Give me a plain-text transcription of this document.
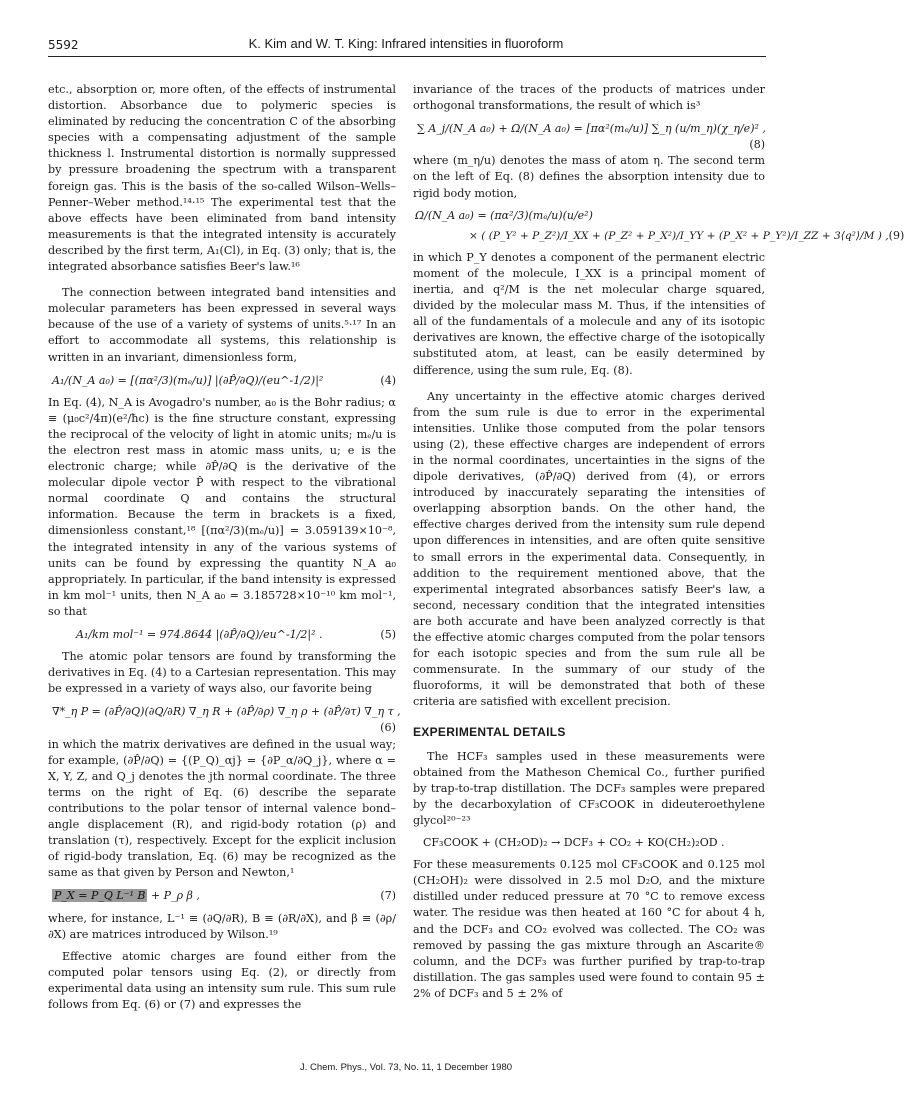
5592	K. Kim and W. T. King: Infrared intensities in fluoroform

etc., absorption or, more often, of the effects of instrumental distortion. Absorbance due to polymeric species is eliminated by reducing the concentration C of the absorbing species with a compensating adjustment of the sample thickness l. Instrumental distortion is normally suppressed by pressure broadening the spectrum with a transparent foreign gas. This is the basis of the so-called Wilson–Wells–Penner–Weber method.¹⁴·¹⁵ The experimental test that the above effects have been eliminated from band intensity measurements is that the integrated intensity is accurately described by the first term, A₁(Cl), in Eq. (3) only; that is, the integrated absorbance satisfies Beer's law.¹⁶

The connection between integrated band intensities and molecular parameters has been expressed in several ways because of the use of a variety of systems of units.⁵·¹⁷ In an effort to accommodate all systems, this relationship is written in an invariant, dimensionless form,

A₁/(N_A a₀) = [(πα²/3)(mₑ/u)] |(∂P̂/∂Q)/(eu^-1/2)|²	(4)

In Eq. (4), N_A is Avogadro's number, a₀ is the Bohr radius; α ≡ (μ₀c²/4π)(e²/ħc) is the fine structure constant, expressing the reciprocal of the velocity of light in atomic units; mₑ/u is the electron rest mass in atomic mass units, u; e is the electronic charge; while ∂P̂/∂Q is the derivative of the molecular dipole vector P̂ with respect to the vibrational normal coordinate Q and contains the structural information. Because the term in brackets is a fixed, dimensionless constant,¹⁸ [(πα²/3)(mₑ/u)] = 3.059139×10⁻⁸, the integrated intensity in any of the various systems of units can be found by expressing the quantity N_A a₀ appropriately. In particular, if the band intensity is expressed in km mol⁻¹ units, then N_A a₀ = 3.185728×10⁻¹⁰ km mol⁻¹, so that

A₁/km mol⁻¹ = 974.8644 |(∂P̂/∂Q)/eu^-1/2|² .	(5)

The atomic polar tensors are found by transforming the derivatives in Eq. (4) to a Cartesian representation. This may be expressed in a variety of ways also, our favorite being

∇*_η P = (∂P̂/∂Q)(∂Q/∂R) ∇_η R + (∂P̂/∂ρ) ∇_η ρ + (∂P̂/∂τ) ∇_η τ ,
(6)

in which the matrix derivatives are defined in the usual way; for example, (∂P̂/∂Q) = {(P_Q)_αj} = {∂P_α/∂Q_j}, where α = X, Y, Z, and Q_j denotes the jth normal coordinate. The three terms on the right of Eq. (6) describe the separate contributions to the polar tensor of internal valence bond–angle displacement (R), and rigid-body rotation (ρ) and translation (τ), respectively. Except for the explicit inclusion of rigid-body translation, Eq. (6) may be recognized as the same as that given by Person and Newton,¹

P_X = P_Q L⁻¹ B + P_ρ β ,	(7)

where, for instance, L⁻¹ ≡ (∂Q/∂R), B ≡ (∂R/∂X), and β ≡ (∂ρ/∂X) are matrices introduced by Wilson.¹⁹

Effective atomic charges are found either from the computed polar tensors using Eq. (2), or directly from experimental data using an intensity sum rule. This sum rule follows from Eq. (6) or (7) and expresses the

invariance of the traces of the products of matrices under orthogonal transformations, the result of which is³

∑ A_j/(N_A a₀) + Ω/(N_A a₀) = [πα²(mₑ/u)] ∑_η (u/m_η)(χ_η/e)² ,
(8)

where (m_η/u) denotes the mass of atom η. The second term on the left of Eq. (8) defines the absorption intensity due to rigid body motion,

Ω/(N_A a₀) = (πα²/3)(mₑ/u)(u/e²)
× ( (P_Y² + P_Z²)/I_XX + (P_Z² + P_X²)/I_YY + (P_X² + P_Y²)/I_ZZ + 3⟨q²⟩/M ) , (9)

in which P_Y denotes a component of the permanent electric moment of the molecule, I_XX is a principal moment of inertia, and q²/M is the net molecular charge squared, divided by the molecular mass M. Thus, if the intensities of all of the fundamentals of a molecule and any of its isotopic derivatives are known, the effective charge of the isotopically substituted atom, at least, can be easily determined by difference, using the sum rule, Eq. (8).

Any uncertainty in the effective atomic charges derived from the sum rule is due to error in the experimental intensities. Unlike those computed from the polar tensors using (2), these effective charges are independent of errors in the normal coordinates, uncertainties in the signs of the dipole derivatives, (∂P̂/∂Q) derived from (4), or errors introduced by inaccurately separating the intensities of overlapping absorption bands. On the other hand, the effective charges derived from the intensity sum rule depend upon differences in intensities, and are often quite sensitive to small errors in the experimental data. Consequently, in addition to the requirement mentioned above, that the experimental integrated absorbances satisfy Beer's law, a second, necessary condition that the integrated intensities are both accurate and have been analyzed correctly is that the effective atomic charges computed from the polar tensors for each isotopic species and from the sum rule all be commensurate. In the summary of our study of the fluoroforms, it will be demonstrated that both of these criteria are satisfied with excellent precision.

EXPERIMENTAL DETAILS

The HCF₃ samples used in these measurements were obtained from the Matheson Chemical Co., further purified by trap-to-trap distillation. The DCF₃ samples were prepared by the decarboxylation of CF₃COOK in dideuteroethylene glycol²⁰⁻²³

CF₃COOK + (CH₂OD)₂ → DCF₃ + CO₂ + KO(CH₂)₂OD .

For these measurements 0.125 mol CF₃COOK and 0.125 mol (CH₂OH)₂ were dissolved in 2.5 mol D₂O, and the mixture distilled under reduced pressure at 70 °C to remove excess water. The residue was then heated at 160 °C for about 4 h, and the DCF₃ and CO₂ evolved was collected. The CO₂ was removed by passing the gas mixture through an Ascarite® column, and the DCF₃ was further purified by trap-to-trap distillation. The gas samples used were found to contain 95 ± 2% of DCF₃ and 5 ± 2% of

J. Chem. Phys., Vol. 73, No. 11, 1 December 1980
